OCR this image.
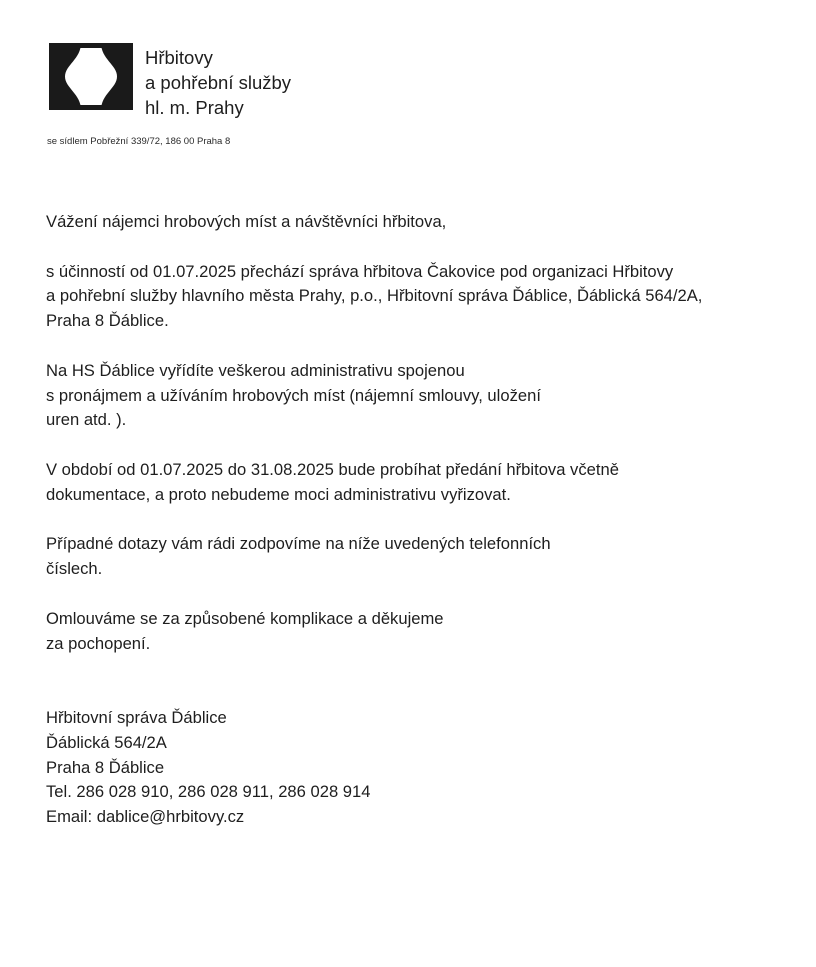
Hřbitovy
a pohřební služby
hl. m. Prahy
se sídlem Pobřežní 339/72, 186 00 Praha 8
Vážení nájemci hrobových míst a návštěvníci hřbitova,
s účinností od 01.07.2025 přechází správa hřbitova Čakovice pod organizaci Hřbitovy
a pohřební služby hlavního města Prahy, p.o., Hřbitovní správa Ďáblice, Ďáblická 564/2A,
Praha 8 Ďáblice.
Na HS Ďáblice vyřídíte veškerou administrativu spojenou
s pronájmem a užíváním hrobových míst (nájemní smlouvy, uložení
uren atd. ).
V období od 01.07.2025 do 31.08.2025 bude probíhat předání hřbitova včetně
dokumentace, a proto nebudeme moci administrativu vyřizovat.
Případné dotazy vám rádi zodpovíme na níže uvedených telefonních
číslech.
Omlouváme se za způsobené komplikace a děkujeme
za pochopení.
Hřbitovní správa Ďáblice
Ďáblická 564/2A
Praha 8 Ďáblice
Tel. 286 028 910, 286 028 911, 286 028 914
Email: dablice@hrbitovy.cz
